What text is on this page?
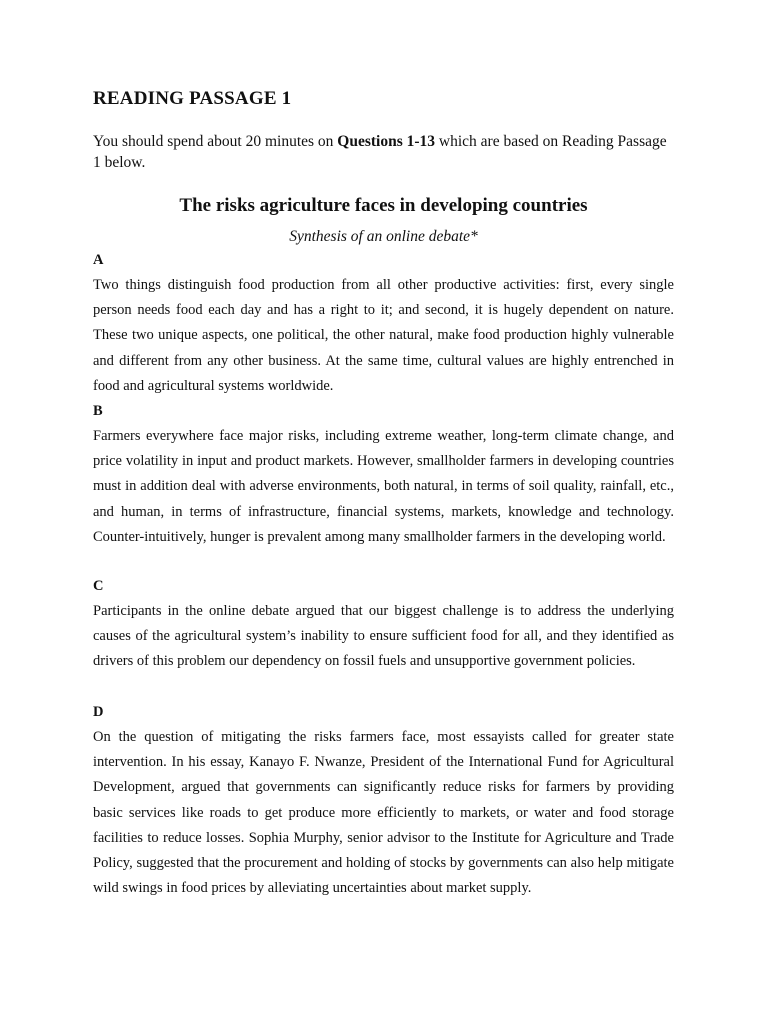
READING PASSAGE 1

You should spend about 20 minutes on Questions 1-13 which are based on Reading Passage 1 below.

The risks agriculture faces in developing countries

Synthesis of an online debate*

A

Two things distinguish food production from all other productive activities: first, every single person needs food each day and has a right to it; and second, it is hugely dependent on nature. These two unique aspects, one political, the other natural, make food production highly vulnerable and different from any other business. At the same time, cultural values are highly entrenched in food and agricultural systems worldwide.

B

Farmers everywhere face major risks, including extreme weather, long-term climate change, and price volatility in input and product markets. However, smallholder farmers in developing countries must in addition deal with adverse environments, both natural, in terms of soil quality, rainfall, etc., and human, in terms of infrastructure, financial systems, markets, knowledge and technology. Counter-intuitively, hunger is prevalent among many smallholder farmers in the developing world.

C

Participants in the online debate argued that our biggest challenge is to address the underlying causes of the agricultural system’s inability to ensure sufficient food for all, and they identified as drivers of this problem our dependency on fossil fuels and unsupportive government policies.

D

On the question of mitigating the risks farmers face, most essayists called for greater state intervention. In his essay, Kanayo F. Nwanze, President of the International Fund for Agricultural Development, argued that governments can significantly reduce risks for farmers by providing basic services like roads to get produce more efficiently to markets, or water and food storage facilities to reduce losses. Sophia Murphy, senior advisor to the Institute for Agriculture and Trade Policy, suggested that the procurement and holding of stocks by governments can also help mitigate wild swings in food prices by alleviating uncertainties about market supply.
